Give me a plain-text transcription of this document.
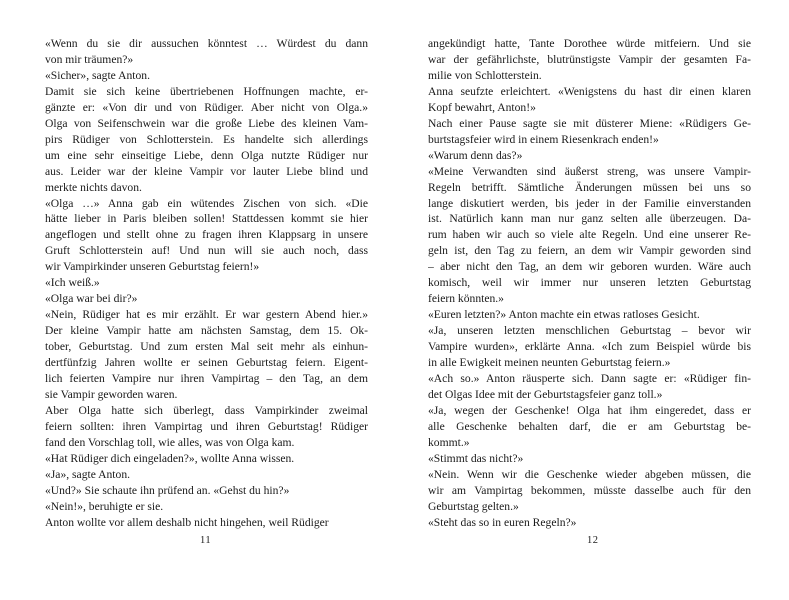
«Wenn du sie dir aussuchen könntest … Würdest du dann
von mir träumen?»
«Sicher», sagte Anton.
Damit sie sich keine übertriebenen Hoffnungen machte, er-
gänzte er: «Von dir und von Rüdiger. Aber nicht von Olga.»
Olga von Seifenschwein war die große Liebe des kleinen Vam-
pirs Rüdiger von Schlotterstein. Es handelte sich allerdings
um eine sehr einseitige Liebe, denn Olga nutzte Rüdiger nur
aus. Leider war der kleine Vampir vor lauter Liebe blind und
merkte nichts davon.
«Olga …» Anna gab ein wütendes Zischen von sich. «Die
hätte lieber in Paris bleiben sollen! Stattdessen kommt sie hier
angeflogen und stellt ohne zu fragen ihren Klappsarg in unsere
Gruft Schlotterstein auf! Und nun will sie auch noch, dass
wir Vampirkinder unseren Geburtstag feiern!»
«Ich weiß.»
«Olga war bei dir?»
«Nein, Rüdiger hat es mir erzählt. Er war gestern Abend hier.»
Der kleine Vampir hatte am nächsten Samstag, dem 15. Ok-
tober, Geburtstag. Und zum ersten Mal seit mehr als einhun-
dertfünfzig Jahren wollte er seinen Geburtstag feiern. Eigent-
lich feierten Vampire nur ihren Vampirtag – den Tag, an dem
sie Vampir geworden waren.
Aber Olga hatte sich überlegt, dass Vampirkinder zweimal
feiern sollten: ihren Vampirtag und ihren Geburtstag! Rüdiger
fand den Vorschlag toll, wie alles, was von Olga kam.
«Hat Rüdiger dich eingeladen?», wollte Anna wissen.
«Ja», sagte Anton.
«Und?» Sie schaute ihn prüfend an. «Gehst du hin?»
«Nein!», beruhigte er sie.
Anton wollte vor allem deshalb nicht hingehen, weil Rüdiger
11
angekündigt hatte, Tante Dorothee würde mitfeiern. Und sie
war der gefährlichste, blutrünstigste Vampir der gesamten Fa-
milie von Schlotterstein.
Anna seufzte erleichtert. «Wenigstens du hast dir einen klaren
Kopf bewahrt, Anton!»
Nach einer Pause sagte sie mit düsterer Miene: «Rüdigers Ge-
burtstagsfeier wird in einem Riesenkrach enden!»
«Warum denn das?»
«Meine Verwandten sind äußerst streng, was unsere Vampir-
Regeln betrifft. Sämtliche Änderungen müssen bei uns so
lange diskutiert werden, bis jeder in der Familie einverstanden
ist. Natürlich kann man nur ganz selten alle überzeugen. Da-
rum haben wir auch so viele alte Regeln. Und eine unserer Re-
geln ist, den Tag zu feiern, an dem wir Vampir geworden sind
– aber nicht den Tag, an dem wir geboren wurden. Wäre auch
komisch, weil wir immer nur unseren letzten Geburtstag
feiern könnten.»
«Euren letzten?» Anton machte ein etwas ratloses Gesicht.
«Ja, unseren letzten menschlichen Geburtstag – bevor wir
Vampire wurden», erklärte Anna. «Ich zum Beispiel würde bis
in alle Ewigkeit meinen neunten Geburtstag feiern.»
«Ach so.» Anton räusperte sich. Dann sagte er: «Rüdiger fin-
det Olgas Idee mit der Geburtstagsfeier ganz toll.»
«Ja, wegen der Geschenke! Olga hat ihm eingeredet, dass er
alle Geschenke behalten darf, die er am Geburtstag be-
kommt.»
«Stimmt das nicht?»
«Nein. Wenn wir die Geschenke wieder abgeben müssen, die
wir am Vampirtag bekommen, müsste dasselbe auch für den
Geburtstag gelten.»
«Steht das so in euren Regeln?»
12
